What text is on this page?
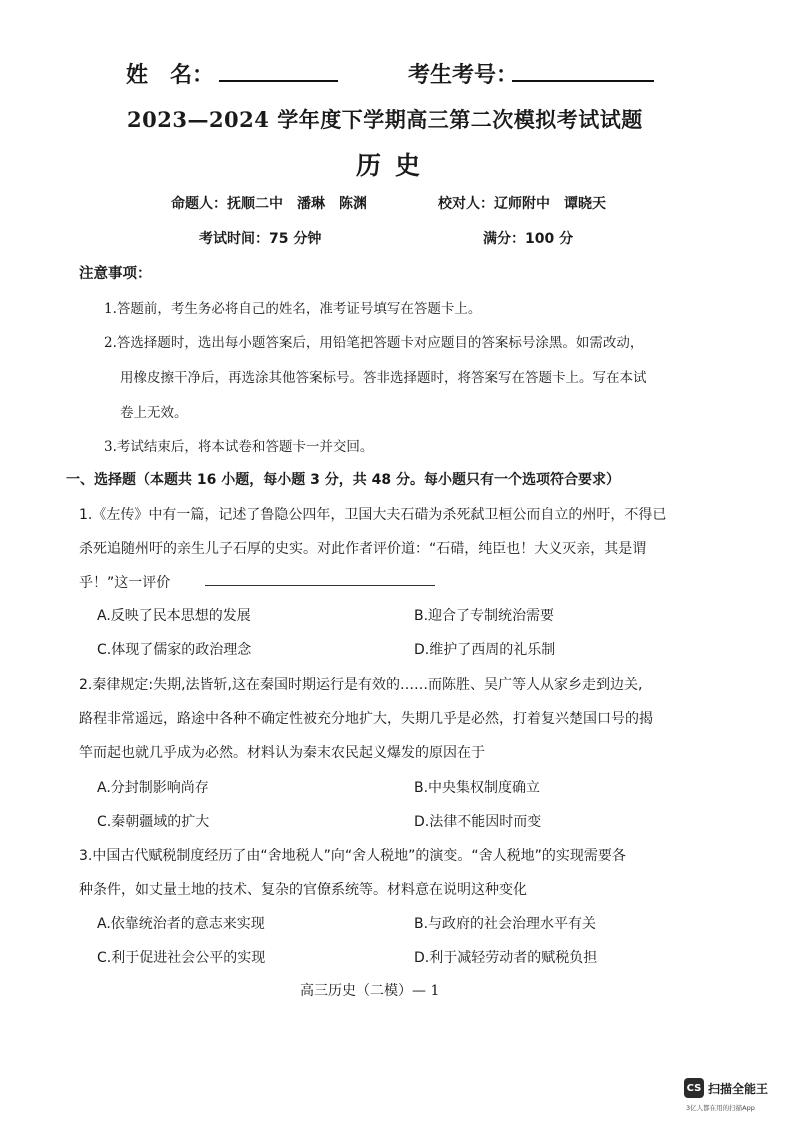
姓　名：	考生考号：
2023—2024 学年度下学期高三第二次模拟考试试题
历史
命题人：抚顺二中　潘琳　陈渊	校对人：辽师附中　谭晓天
考试时间：75 分钟	满分：100 分
注意事项：
1.答题前，考生务必将自己的姓名，准考证号填写在答题卡上。
2.答选择题时，选出每小题答案后，用铅笔把答题卡对应题目的答案标号涂黑。如需改动，
用橡皮擦干净后，再选涂其他答案标号。答非选择题时，将答案写在答题卡上。写在本试
卷上无效。
3.考试结束后，将本试卷和答题卡一并交回。
一、选择题（本题共 16 小题，每小题 3 分，共 48 分。每小题只有一个选项符合要求）
1.《左传》中有一篇，记述了鲁隐公四年，卫国大夫石碏为杀死弑卫桓公而自立的州吁，不得已
杀死追随州吁的亲生儿子石厚的史实。对此作者评价道：“石碏，纯臣也！大义灭亲，其是谓
乎！”这一评价
A.反映了民本思想的发展	B.迎合了专制统治需要
C.体现了儒家的政治理念	D.维护了西周的礼乐制
2.秦律规定:失期,法皆斩,这在秦国时期运行是有效的……而陈胜、吴广等人从家乡走到边关,
路程非常遥远，路途中各种不确定性被充分地扩大，失期几乎是必然，打着复兴楚国口号的揭
竿而起也就几乎成为必然。材料认为秦末农民起义爆发的原因在于
A.分封制影响尚存	B.中央集权制度确立
C.秦朝疆域的扩大	D.法律不能因时而变
3.中国古代赋税制度经历了由“舍地税人”向“舍人税地”的演变。“舍人税地”的实现需要各
种条件，如丈量土地的技术、复杂的官僚系统等。材料意在说明这种变化
A.依靠统治者的意志来实现	B.与政府的社会治理水平有关
C.利于促进社会公平的实现	D.利于减轻劳动者的赋税负担
高三历史（二模）— 1
CS 扫描全能王
3亿人都在用的扫描App
